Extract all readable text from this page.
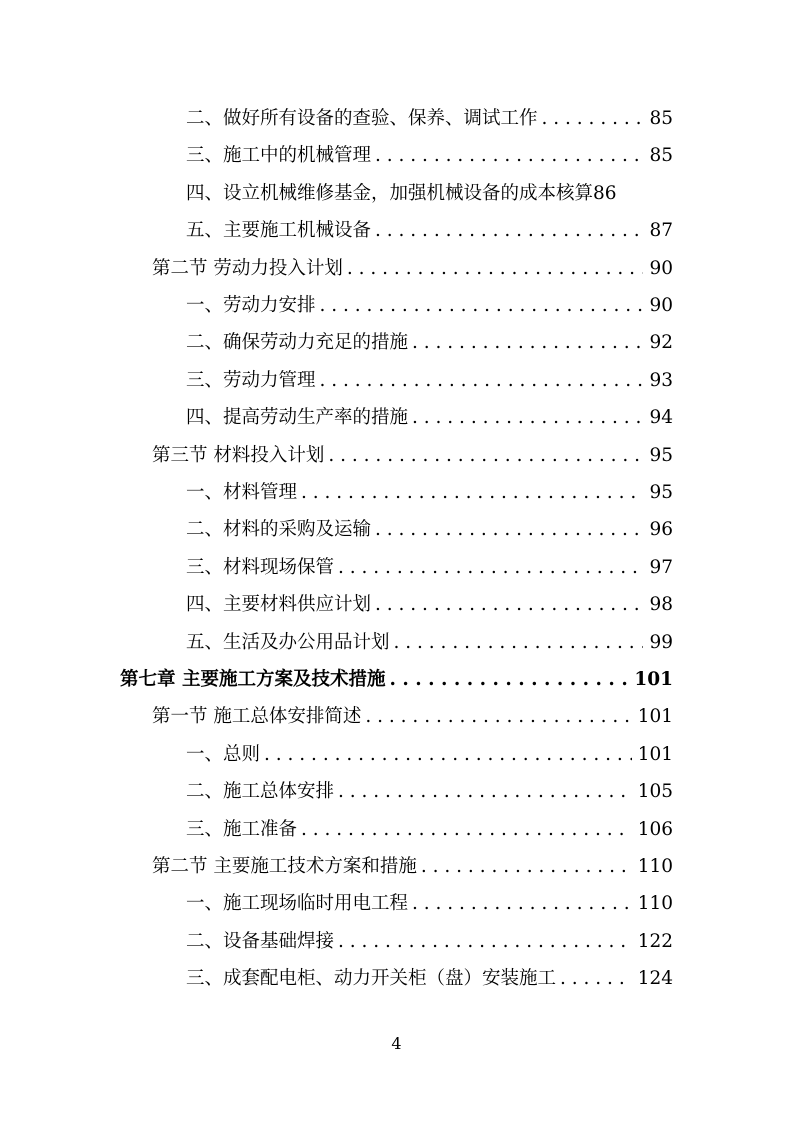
二、做好所有设备的查验、保养、调试工作 . . .	85
三、施工中的机械管理 . . .	85
四、设立机械维修基金，加强机械设备的成本核算 86
五、主要施工机械设备 . . .	87
第二节 劳动力投入计划 . . .	90
一、劳动力安排 . . .	90
二、确保劳动力充足的措施 . . .	92
三、劳动力管理 . . .	93
四、提高劳动生产率的措施 . . .	94
第三节 材料投入计划 . . .	95
一、材料管理 . . .	95
二、材料的采购及运输 . . .	96
三、材料现场保管 . . .	97
四、主要材料供应计划 . . .	98
五、生活及办公用品计划 . . .	99
第七章 主要施工方案及技术措施 . . .	101
第一节 施工总体安排简述 . . .	101
一、总则 . . .	101
二、施工总体安排 . . .	105
三、施工准备 . . .	106
第二节 主要施工技术方案和措施 . . .	110
一、施工现场临时用电工程 . . .	110
二、设备基础焊接 . . .	122
三、成套配电柜、动力开关柜（盘）安装施工 . . .	124
4
